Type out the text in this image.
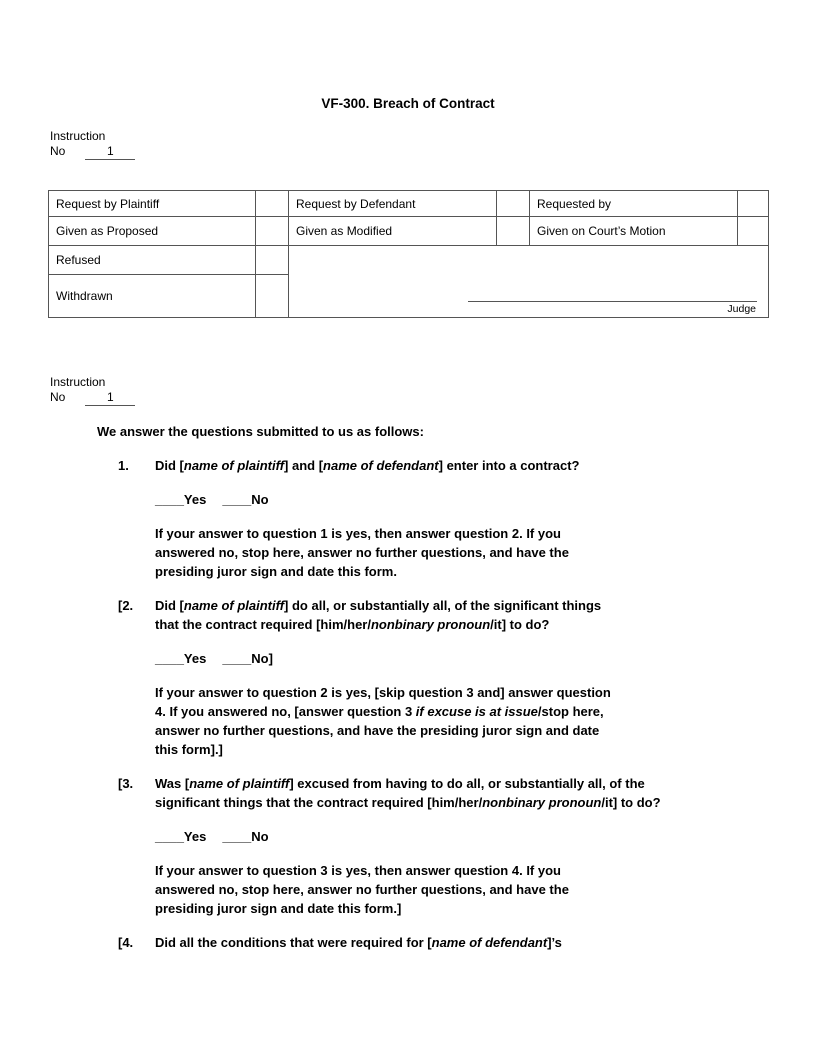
VF-300. Breach of Contract
Instruction
No	1
Request by Plaintiff		Request by Defendant		Requested by	
Given as Proposed		Given as Modified		Given on Court’s Motion	
Refused		Judge			

Withdrawn					
Instruction
No	1

We answer the questions submitted to us as follows:

1.	Did [name of plaintiff] and [name of defendant] enter into a contract?

____Yes ____No

If your answer to question 1 is yes, then answer question 2. If you
answered no, stop here, answer no further questions, and have the
presiding juror sign and date this form.

[2.	Did [name of plaintiff] do all, or substantially all, of the significant things
that the contract required [him/her/nonbinary pronoun/it] to do?

____Yes ____No]

If your answer to question 2 is yes, [skip question 3 and] answer question
4. If you answered no, [answer question 3 if excuse is at issue/stop here,
answer no further questions, and have the presiding juror sign and date
this form].]

[3.	Was [name of plaintiff] excused from having to do all, or substantially all, of the
significant things that the contract required [him/her/nonbinary pronoun/it] to do?

____Yes ____No

If your answer to question 3 is yes, then answer question 4. If you
answered no, stop here, answer no further questions, and have the
presiding juror sign and date this form.]

[4.	Did all the conditions that were required for [name of defendant]’s
